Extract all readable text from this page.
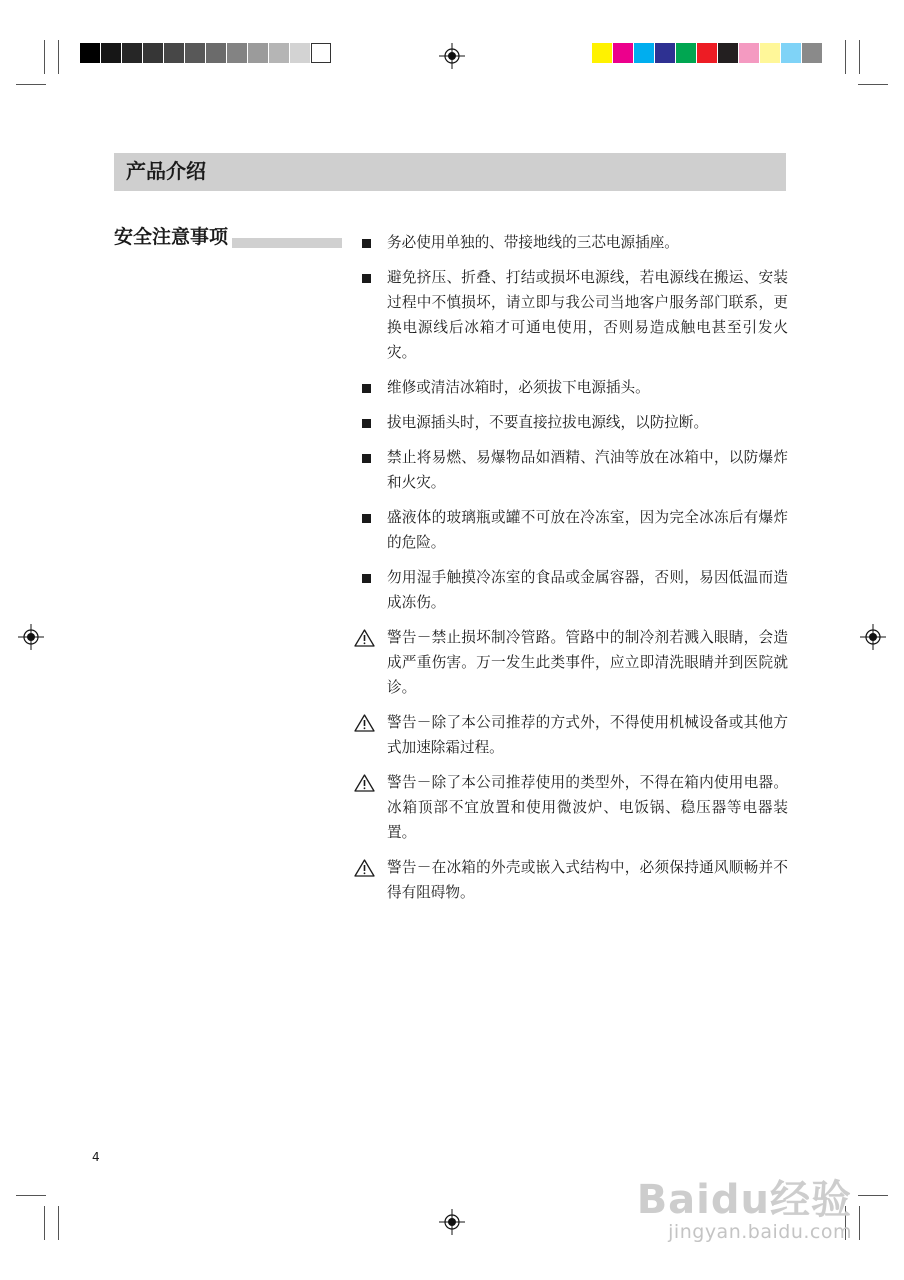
产品介绍
安全注意事项	务必使用单独的、带接地线的三芯电源插座。
避免挤压、折叠、打结或损坏电源线，若电源线在搬运、安装过程中不慎损坏，请立即与我公司当地客户服务部门联系，更换电源线后冰箱才可通电使用，否则易造成触电甚至引发火灾。
维修或清洁冰箱时，必须拔下电源插头。
拔电源插头时，不要直接拉拔电源线，以防拉断。
禁止将易燃、易爆物品如酒精、汽油等放在冰箱中，以防爆炸和火灾。
盛液体的玻璃瓶或罐不可放在冷冻室，因为完全冰冻后有爆炸的危险。
勿用湿手触摸冷冻室的食品或金属容器，否则，易因低温而造成冻伤。
警告－禁止损坏制冷管路。管路中的制冷剂若溅入眼睛，会造成严重伤害。万一发生此类事件，应立即清洗眼睛并到医院就诊。
警告－除了本公司推荐的方式外，不得使用机械设备或其他方式加速除霜过程。
警告－除了本公司推荐使用的类型外，不得在箱内使用电器。冰箱顶部不宜放置和使用微波炉、电饭锅、稳压器等电器装置。
警告－在冰箱的外壳或嵌入式结构中，必须保持通风顺畅并不得有阻碍物。
4
Baidu经验
jingyan.baidu.com
